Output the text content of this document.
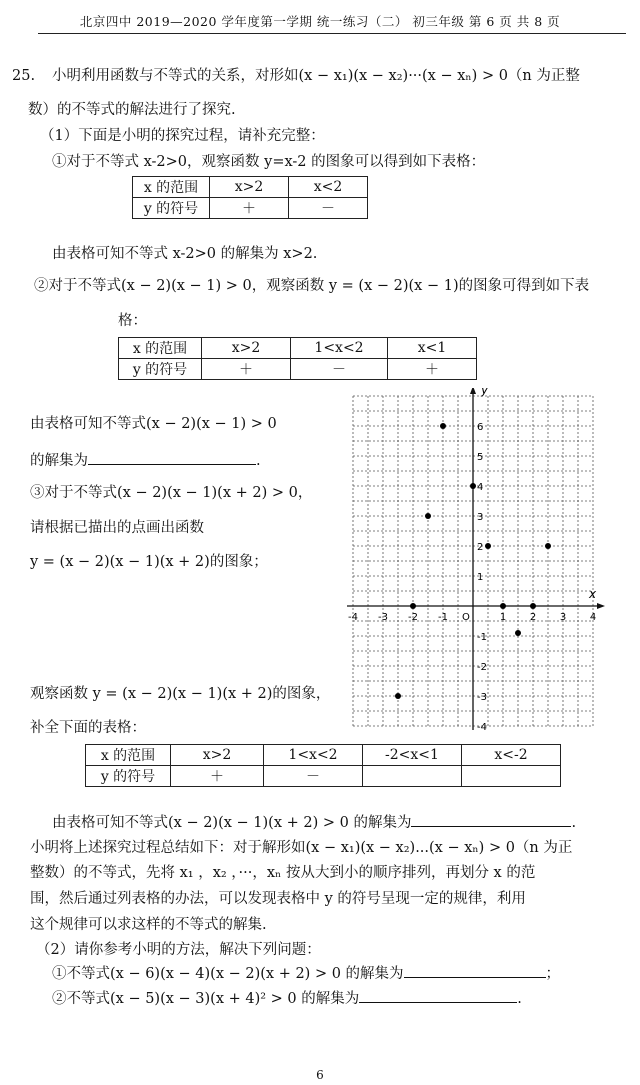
北京四中 2019—2020 学年度第一学期 统一练习（二） 初三年级 第 6 页 共 8 页
25. 小明利用函数与不等式的关系，对形如(x − x₁)(x − x₂)···(x − xₙ) > 0（n 为正整
数）的不等式的解法进行了探究.
（1）下面是小明的探究过程，请补充完整：
①对于不等式 x-2>0，观察函数 y=x-2 的图象可以得到如下表格：
x 的范围	x>2	x<2
y 的符号	＋	－
由表格可知不等式 x-2>0 的解集为 x>2.
②对于不等式(x − 2)(x − 1) > 0，观察函数 y = (x − 2)(x − 1)的图象可得到如下表
格：
x 的范围	x>2	1<x<2	x<1
y 的符号	＋	－	＋
由表格可知不等式(x − 2)(x − 1) > 0
的解集为	.
③对于不等式(x − 2)(x − 1)(x + 2) > 0，
请根据已描出的点画出函数
y = (x − 2)(x − 1)(x + 2)的图象；
x
y
O
-4 -3 -2 -1	1 2 3 4
-4
-3
-2
-1
1
2
3
4
5
6
观察函数 y = (x − 2)(x − 1)(x + 2)的图象，
补全下面的表格：
x 的范围	x>2	1<x<2	-2<x<1	x<-2
y 的符号	＋	－		
由表格可知不等式(x − 2)(x − 1)(x + 2) > 0 的解集为	.
小明将上述探究过程总结如下：对于解形如(x − x₁)(x − x₂)...(x − xₙ) > 0（n 为正
整数）的不等式，先将 x₁ ，x₂ ，···，xₙ 按从大到小的顺序排列，再划分 x 的范
围，然后通过列表格的办法，可以发现表格中 y 的符号呈现一定的规律，利用
这个规律可以求这样的不等式的解集.
（2）请你参考小明的方法，解决下列问题：
①不等式(x − 6)(x − 4)(x − 2)(x + 2) > 0 的解集为	；
②不等式(x − 5)(x − 3)(x + 4)² > 0 的解集为	.
6
